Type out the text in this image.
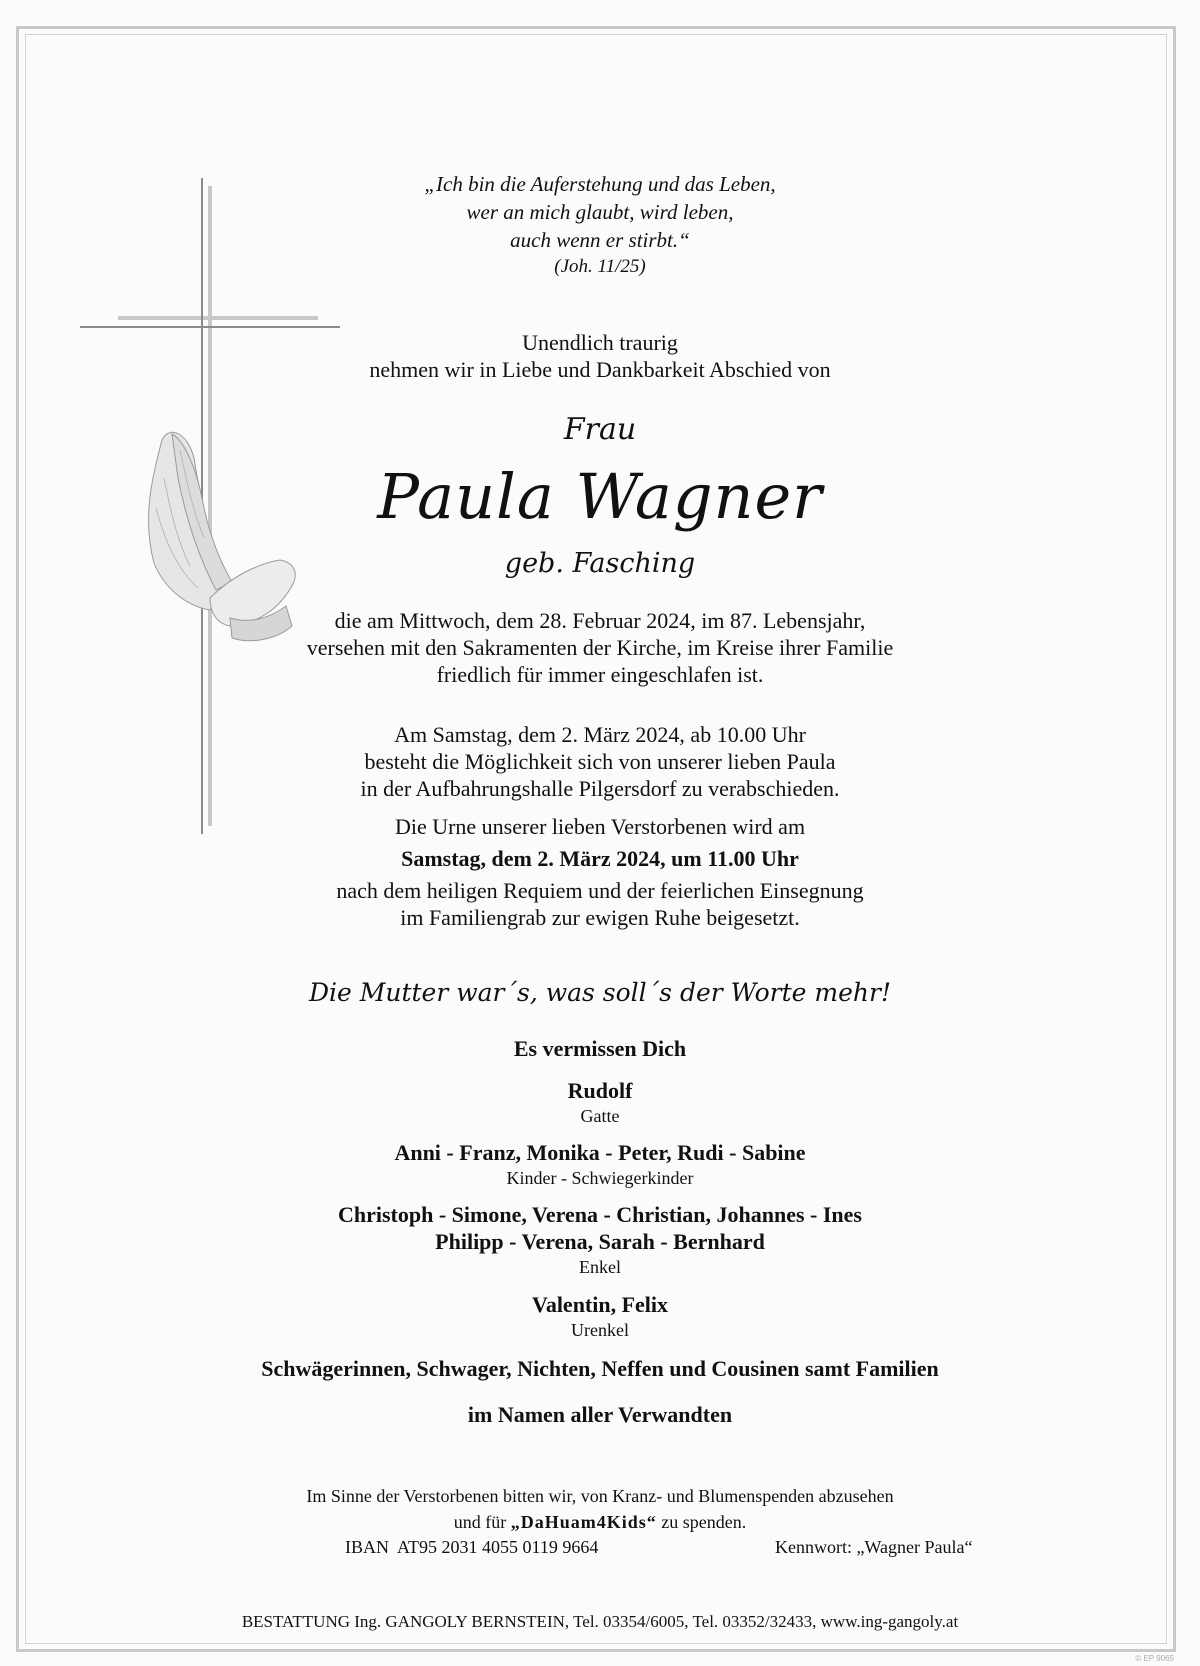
„Ich bin die Auferstehung und das Leben,
wer an mich glaubt, wird leben,
auch wenn er stirbt.“
(Joh. 11/25)
Unendlich traurig
nehmen wir in Liebe und Dankbarkeit Abschied von
Frau
Paula Wagner
geb. Fasching
die am Mittwoch, dem 28. Februar 2024, im 87. Lebensjahr,
versehen mit den Sakramenten der Kirche, im Kreise ihrer Familie
friedlich für immer eingeschlafen ist.
Am Samstag, dem 2. März 2024, ab 10.00 Uhr
besteht die Möglichkeit sich von unserer lieben Paula
in der Aufbahrungshalle Pilgersdorf zu verabschieden.
Die Urne unserer lieben Verstorbenen wird am
Samstag, dem 2. März 2024, um 11.00 Uhr
nach dem heiligen Requiem und der feierlichen Einsegnung
im Familiengrab zur ewigen Ruhe beigesetzt.
Die Mutter war´s, was soll´s der Worte mehr!
Es vermissen Dich
Rudolf
Gatte
Anni - Franz, Monika - Peter, Rudi - Sabine
Kinder - Schwiegerkinder
Christoph - Simone, Verena - Christian, Johannes - Ines
Philipp - Verena, Sarah - Bernhard
Enkel
Valentin, Felix
Urenkel
Schwägerinnen, Schwager, Nichten, Neffen und Cousinen samt Familien
im Namen aller Verwandten
Im Sinne der Verstorbenen bitten wir, von Kranz- und Blumenspenden abzusehen
und für „DaHuam4Kids“ zu spenden.
IBAN  AT95 2031 4055 0119 9664	Kennwort: „Wagner Paula“
BESTATTUNG Ing. GANGOLY BERNSTEIN, Tel. 03354/6005, Tel. 03352/32433, www.ing-gangoly.at
© EP 9065
